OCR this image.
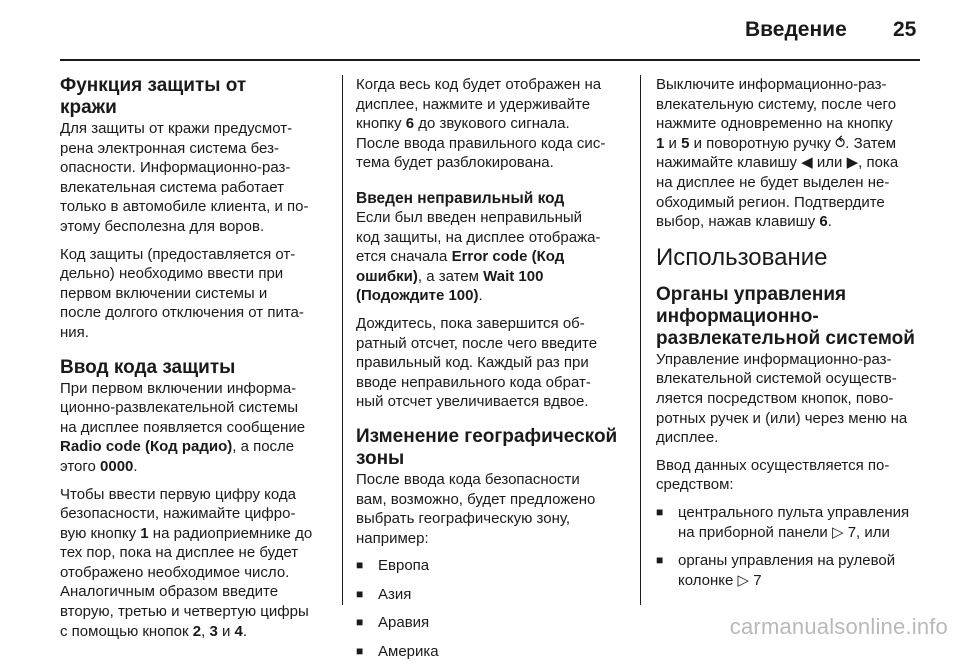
Введение 25
Функция защиты от
кражи

Для защиты от кражи предусмот-
рена электронная система без-
опасности. Информационно-раз-
влекательная система работает
только в автомобиле клиента, и по-
этому бесполезна для воров.

Код защиты (предоставляется от-
дельно) необходимо ввести при
первом включении системы и
после долгого отключения от пита-
ния.

Ввод кода защиты

При первом включении информа-
ционно-развлекательной системы
на дисплее появляется сообщение
Radio code (Код радио), а после
этого 0000.

Чтобы ввести первую цифру кода
безопасности, нажимайте цифро-
вую кнопку 1 на радиоприемнике до
тех пор, пока на дисплее не будет
отображено необходимое число.
Аналогичным образом введите
вторую, третью и четвертую цифры
с помощью кнопок 2, 3 и 4.

Когда весь код будет отображен на
дисплее, нажмите и удерживайте
кнопку 6 до звукового сигнала.
После ввода правильного кода сис-
тема будет разблокирована.

Введен неправильный код

Если был введен неправильный
код защиты, на дисплее отобража-
ется сначала Error code (Код
ошибки), а затем Wait 100
(Подождите 100).

Дождитесь, пока завершится об-
ратный отсчет, после чего введите
правильный код. Каждый раз при
вводе неправильного кода обрат-
ный отсчет увеличивается вдвое.

Изменение географической
зоны

После ввода кода безопасности
вам, возможно, будет предложено
выбрать географическую зону,
например:

■ Европа
■ Азия
■ Аравия
■ Америка

Выключите информационно-раз-
влекательную систему, после чего
нажмите одновременно на кнопку
1 и 5 и поворотную ручку ⥀. Затем
нажимайте клавишу ◀ или ▶, пока
на дисплее не будет выделен не-
обходимый регион. Подтвердите
выбор, нажав клавишу 6.

Использование
Органы управления
информационно-
развлекательной системой

Управление информационно-раз-
влекательной системой осуществ-
ляется посредством кнопок, пово-
ротных ручек и (или) через меню на
дисплее.

Ввод данных осуществляется по-
средством:

■ центрального пульта управления
на приборной панели ▷ 7, или
■ органы управления на рулевой
колонке ▷ 7
carmanualsonline.info
